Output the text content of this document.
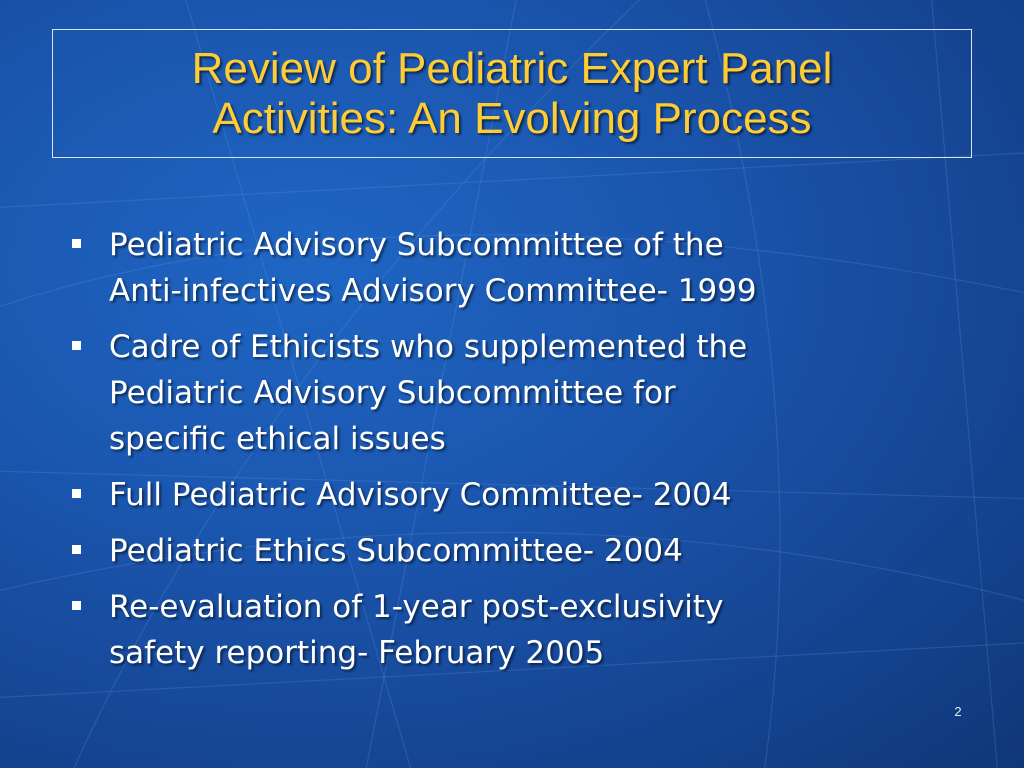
Review of Pediatric Expert Panel
Activities: An Evolving Process
Pediatric Advisory Subcommittee of the
Anti-infectives Advisory Committee- 1999
Cadre of Ethicists who supplemented the
Pediatric Advisory Subcommittee for
specific ethical issues
Full Pediatric Advisory Committee- 2004
Pediatric Ethics Subcommittee- 2004
Re-evaluation of 1-year post-exclusivity
safety reporting- February 2005
2
